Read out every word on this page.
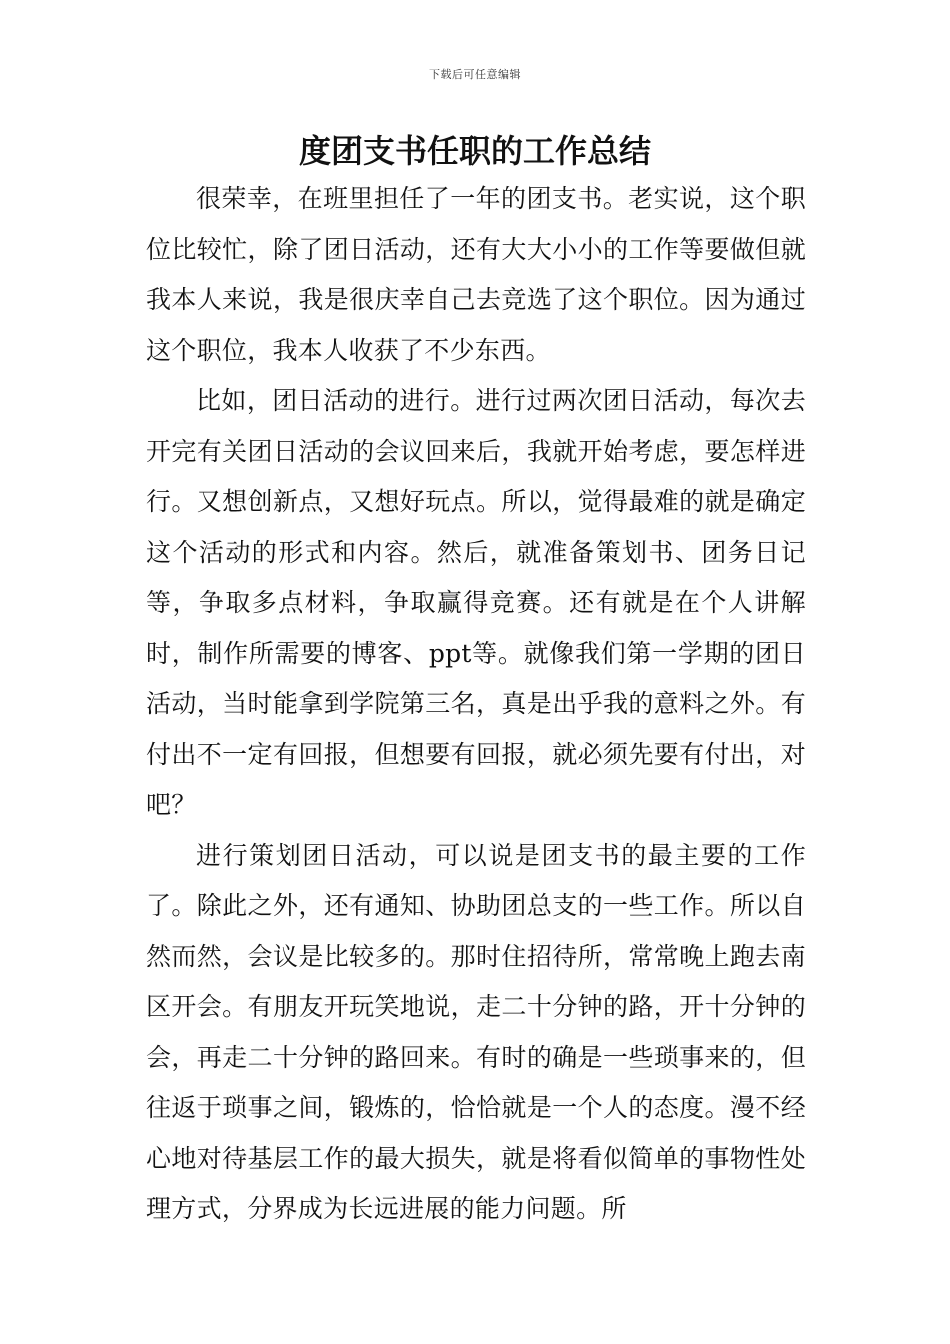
下载后可任意编辑
度团支书任职的工作总结

很荣幸，在班里担任了一年的团支书。老实说，这个职位比较忙，除了团日活动，还有大大小小的工作等要做但就我本人来说，我是很庆幸自己去竞选了这个职位。因为通过这个职位，我本人收获了不少东西。

比如，团日活动的进行。进行过两次团日活动，每次去开完有关团日活动的会议回来后，我就开始考虑，要怎样进行。又想创新点，又想好玩点。所以，觉得最难的就是确定这个活动的形式和内容。然后，就准备策划书、团务日记等，争取多点材料，争取赢得竞赛。还有就是在个人讲解时，制作所需要的博客、ppt等。就像我们第一学期的团日活动，当时能拿到学院第三名，真是出乎我的意料之外。有付出不一定有回报，但想要有回报，就必须先要有付出，对吧？

进行策划团日活动，可以说是团支书的最主要的工作了。除此之外，还有通知、协助团总支的一些工作。所以自然而然，会议是比较多的。那时住招待所，常常晚上跑去南区开会。有朋友开玩笑地说，走二十分钟的路，开十分钟的会，再走二十分钟的路回来。有时的确是一些琐事来的，但往返于琐事之间，锻炼的，恰恰就是一个人的态度。漫不经心地对待基层工作的最大损失，就是将看似简单的事物性处理方式，分界成为长远进展的能力问题。所
